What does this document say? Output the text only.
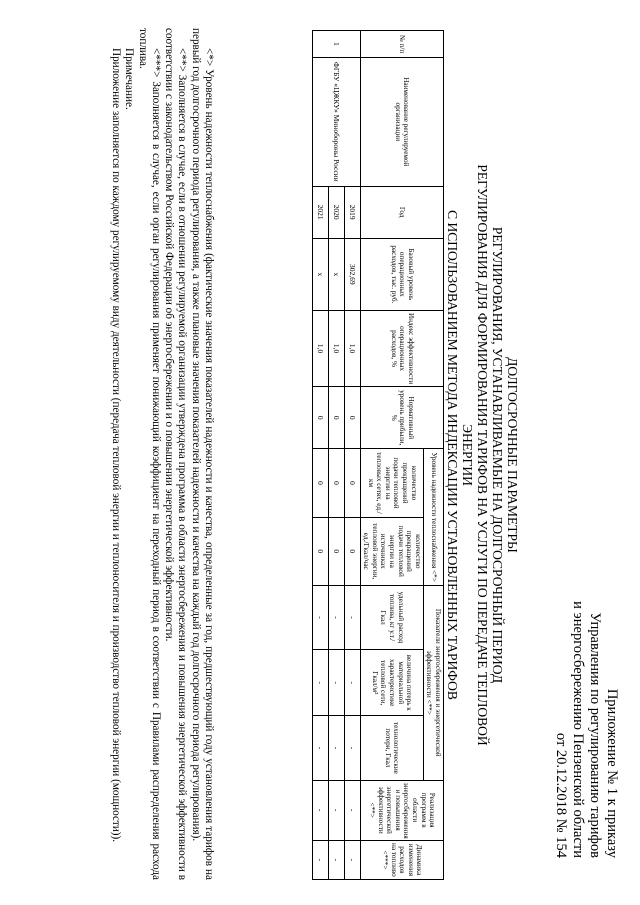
Приложение № 1 к приказу
Управления по регулированию тарифов
и энергосбережению Пензенской области
от 20.12.2018 № 154
ДОЛГОСРОЧНЫЕ ПАРАМЕТРЫ
РЕГУЛИРОВАНИЯ, УСТАНАВЛИВАЕМЫЕ НА ДОЛГОСРОЧНЫЙ ПЕРИОД
РЕГУЛИРОВАНИЯ ДЛЯ ФОРМИРОВАНИЯ ТАРИФОВ НА УСЛУГИ ПО ПЕРЕДАЧЕ ТЕПЛОВОЙ ЭНЕРГИИ
С ИСПОЛЬЗОВАНИЕМ МЕТОДА ИНДЕКСАЦИИ УСТАНОВЛЕННЫХ ТАРИФОВ
№ п/п	Наименование регулируемой организации	Год	Базовый уровень операционных расходов, тыс. руб.	Индекс эффективности операционных расходов, %	Нормативный уровень прибыли, %	Уровень надежности теплоснабжения <*>		Показатели энергосбережения и энергетической эффективности <**>			Реализация программ в области энергосбережения и повышения энергетической эффективности <**>	Динамика изменения расходов на топливо <***>
						количество прекращений подачи тепловой энергии на тепловых сетях, ед./км	количество прекращений подачи тепловой энергии на источниках тепловой энергии, ед./Гкал/час	удельный расход топлива, кг у.т./Гкал	величина потерь к материальной характеристике тепловой сети, Гкал/м²	технологические потери, Гкал		
1	ФГБУ «ЦЖКУ» Минобороны России	2019	302,69	1,0	0	0	0	-	-	-	-	-
		2020	x	1,0	0	0	0	-	-	-	-	-
		2021	x	1,0	0	0	0	-	-	-	-	-

<*> Уровень надежности теплоснабжения (фактические значения показателей надежности и качества, определенные за год, предшествующий году установления тарифов на первый год долгосрочного периода регулирования, а также плановые значения показателей надежности и качества на каждый год долгосрочного периода регулирования).

<**> Заполняется в случае, если в отношении регулируемой организации утверждена программа в области энергосбережения и повышения энергетической эффективности в соответствии с законодательством Российской Федерации об энергосбережении и о повышении энергетической эффективности.

<***> Заполняется в случае, если орган регулирования применяет понижающий коэффициент на переходный период в соответствии с Правилами распределения расхода топлива.

Примечание.

Приложение заполняется по каждому регулируемому виду деятельности (передача тепловой энергии и теплоносителя и производство тепловой энергии (мощности)).
